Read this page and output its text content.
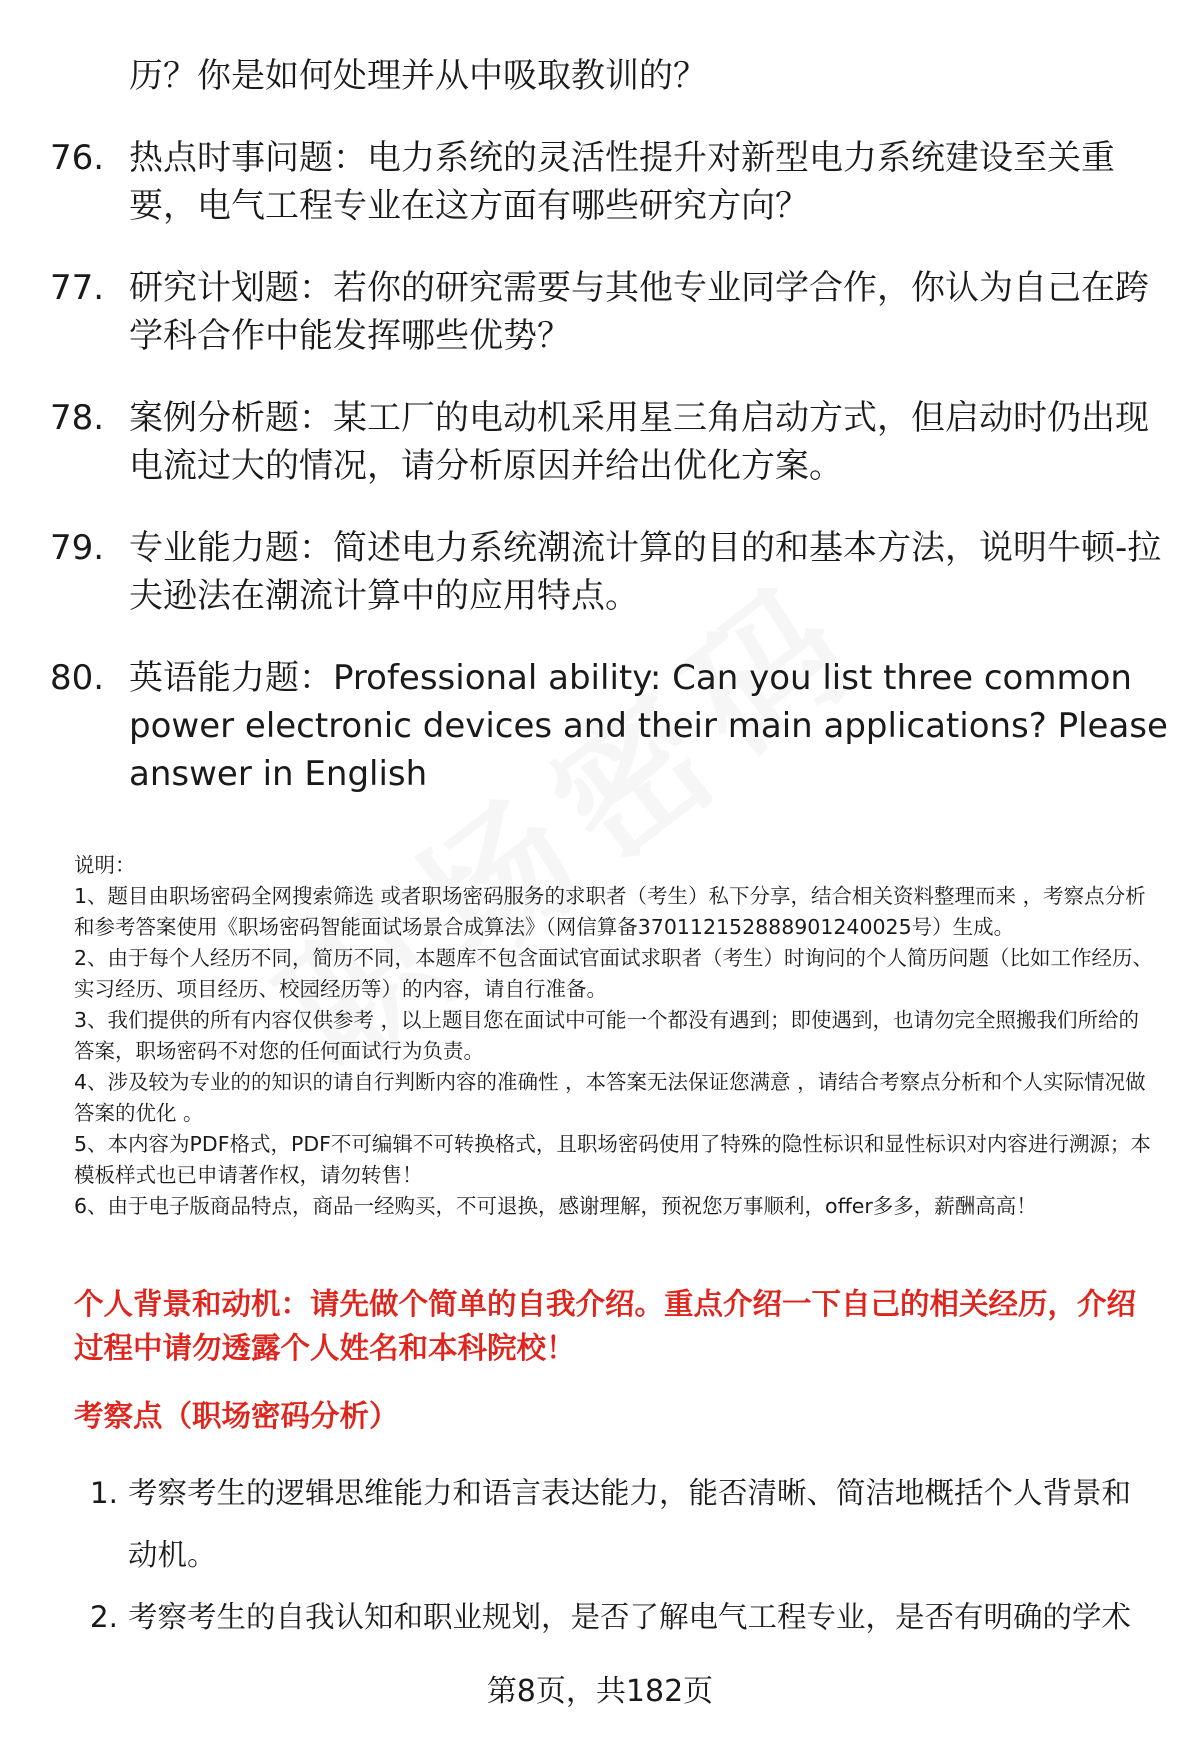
历？你是如何处理并从中吸取教训的？
76. 热点时事问题：电力系统的灵活性提升对新型电力系统建设至关重要，电气工程专业在这方面有哪些研究方向？
77. 研究计划题：若你的研究需要与其他专业同学合作，你认为自己在跨学科合作中能发挥哪些优势？
78. 案例分析题：某工厂的电动机采用星三角启动方式，但启动时仍出现电流过大的情况，请分析原因并给出优化方案。
79. 专业能力题：简述电力系统潮流计算的目的和基本方法，说明牛顿-拉夫逊法在潮流计算中的应用特点。
80. 英语能力题：Professional ability: Can you list three common power electronic devices and their main applications? Please answer in English

说明：

1、题目由职场密码全网搜索筛选 或者职场密码服务的求职者（考生）私下分享，结合相关资料整理而来 ，考察点分析和参考答案使用《职场密码智能面试场景合成算法》（网信算备370112152888901240025号）生成。

2、由于每个人经历不同，简历不同，本题库不包含面试官面试求职者（考生）时询问的个人简历问题（比如工作经历、实习经历、项目经历、校园经历等）的内容，请自行准备。

3、我们提供的所有内容仅供参考 ，以上题目您在面试中可能一个都没有遇到；即使遇到，也请勿完全照搬我们所给的答案，职场密码不对您的任何面试行为负责。

4、涉及较为专业的的知识的请自行判断内容的准确性 ，本答案无法保证您满意 ，请结合考察点分析和个人实际情况做答案的优化 。

5、本内容为PDF格式，PDF不可编辑不可转换格式，且职场密码使用了特殊的隐性标识和显性标识对内容进行溯源；本模板样式也已申请著作权，请勿转售！

6、由于电子版商品特点，商品一经购买，不可退换，感谢理解，预祝您万事顺利，offer多多，薪酬高高！

个人背景和动机：请先做个简单的自我介绍。重点介绍一下自己的相关经历，介绍过程中请勿透露个人姓名和本科院校！
考察点（职场密码分析）
1. 考察考生的逻辑思维能力和语言表达能力，能否清晰、简洁地概括个人背景和动机。
2. 考察考生的自我认知和职业规划，是否了解电气工程专业，是否有明确的学术
第8页，共182页
